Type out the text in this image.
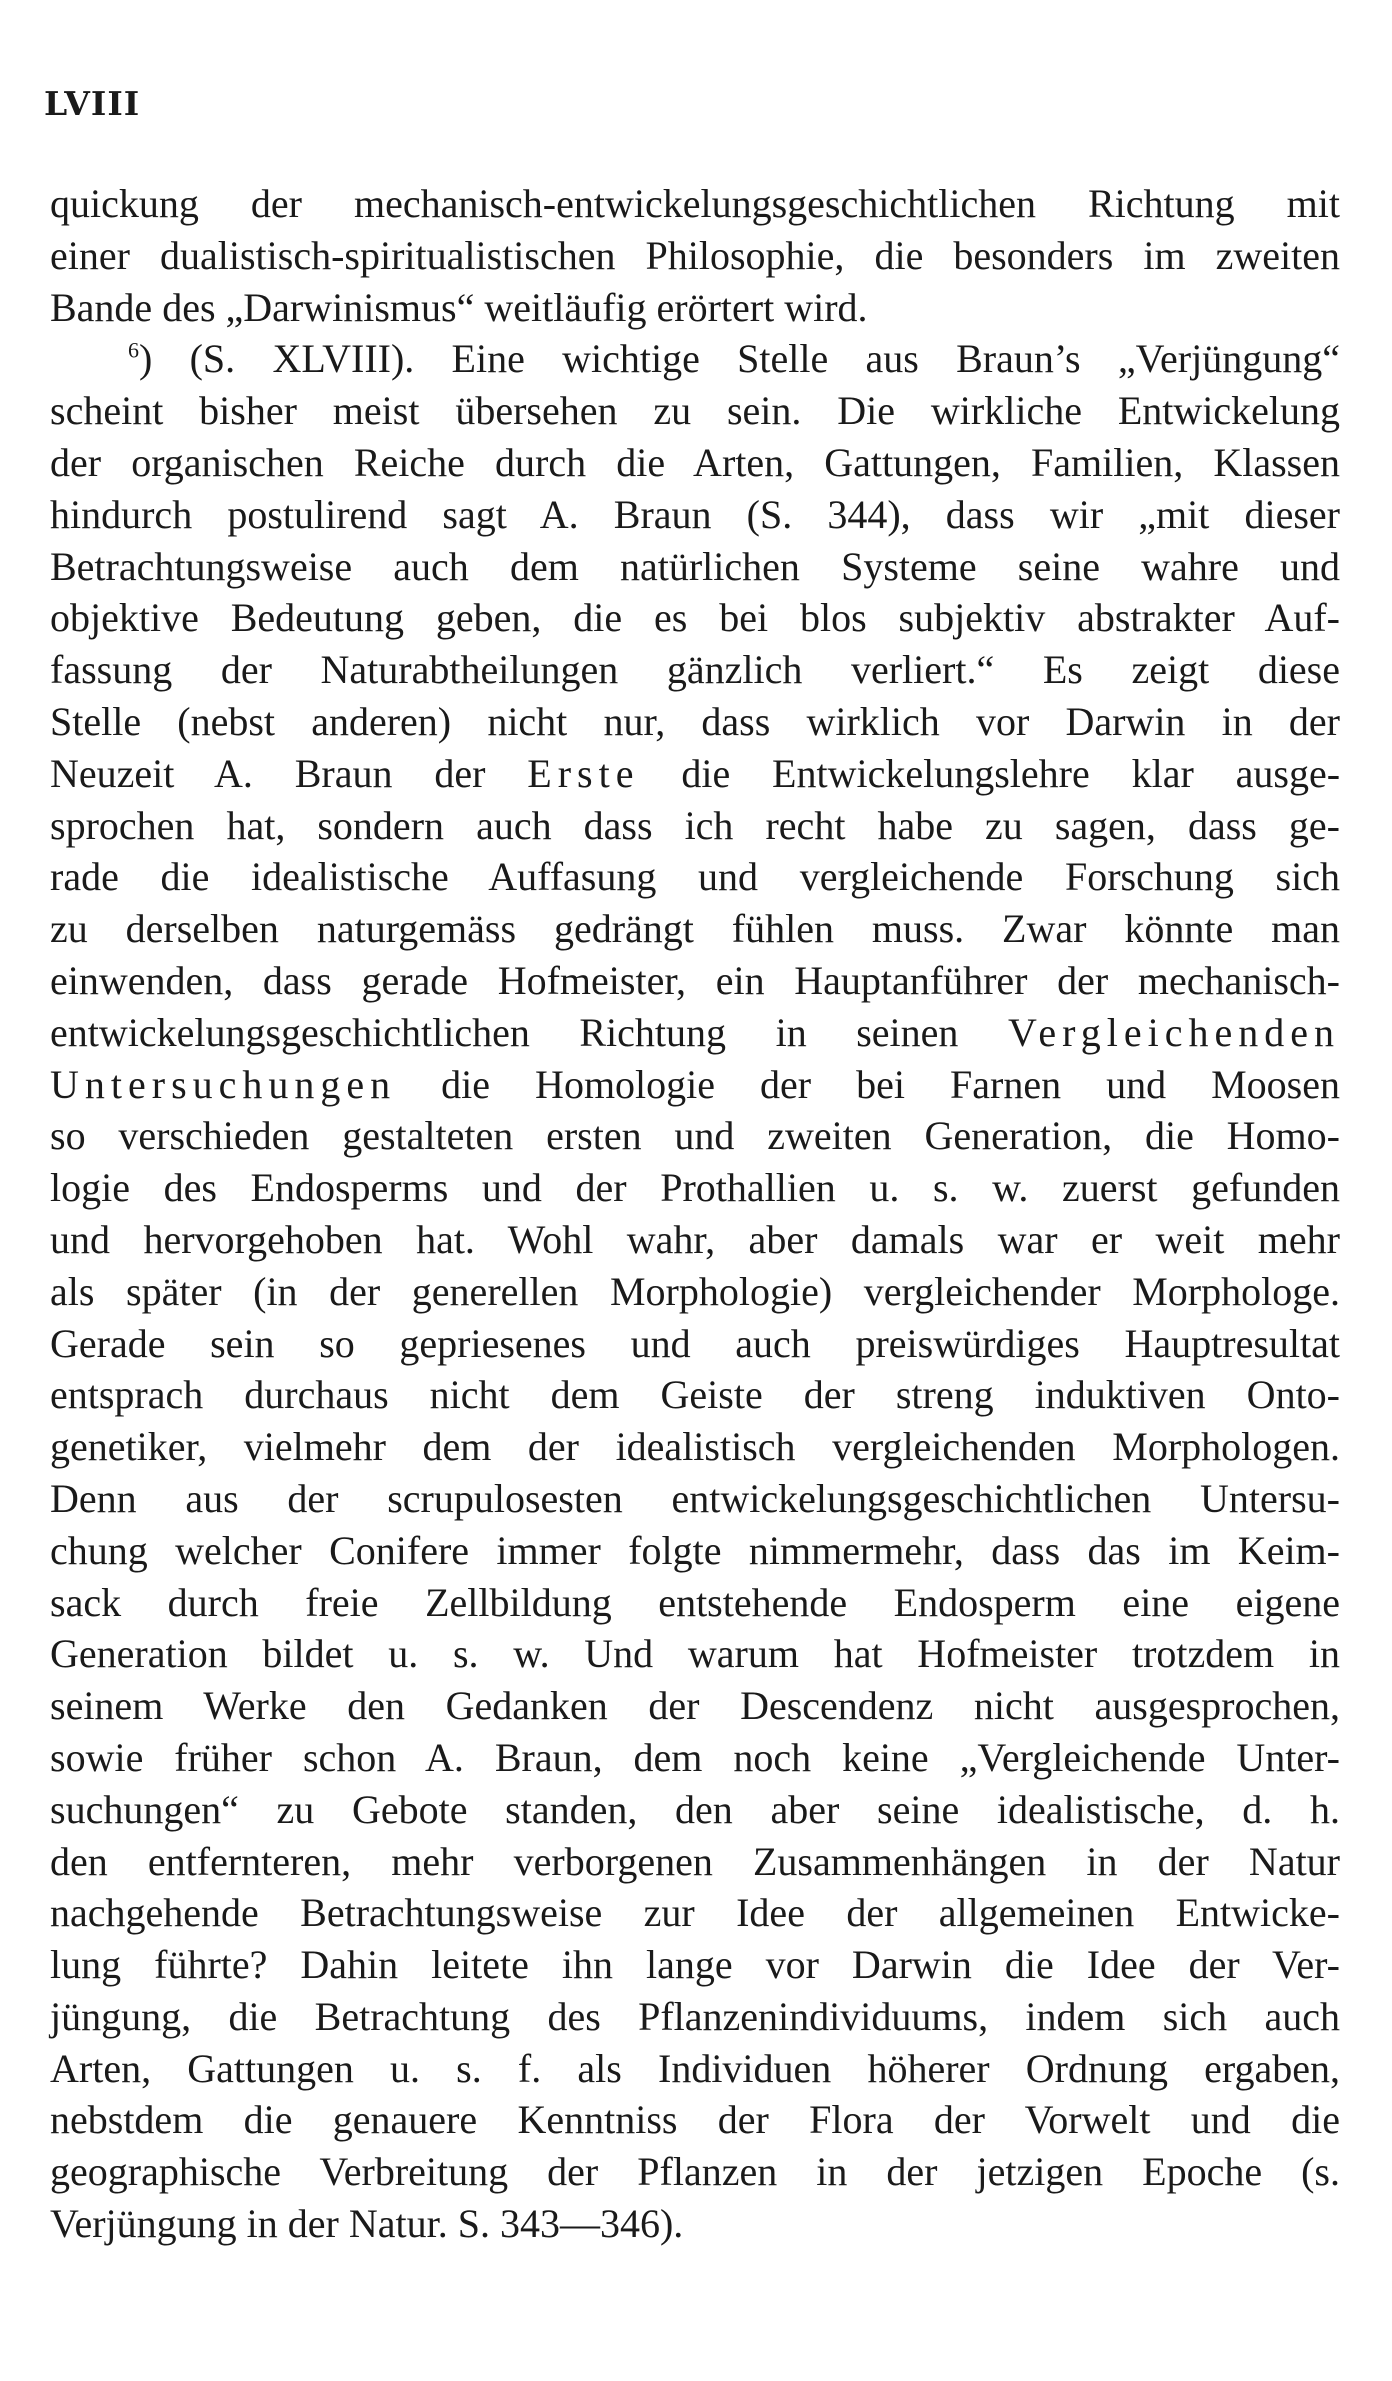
LVIII
quickung der mechanisch-entwickelungsgeschichtlichen Richtung mit
einer dualistisch-spiritualistischen Philosophie, die besonders im zweiten
Bande des „Darwinismus“ weitläufig erörtert wird.
$^6$) (S. XLVIII). Eine wichtige Stelle aus Braun’s „Verjüngung“
scheint bisher meist übersehen zu sein. Die wirkliche Entwickelung
der organischen Reiche durch die Arten, Gattungen, Familien, Klassen
hindurch postulirend sagt A. Braun (S. 344), dass wir „mit dieser
Betrachtungsweise auch dem natürlichen Systeme seine wahre und
objektive Bedeutung geben, die es bei blos subjektiv abstrakter Auf-
fassung der Naturabtheilungen gänzlich verliert.“ Es zeigt diese
Stelle (nebst anderen) nicht nur, dass wirklich vor Darwin in der
Neuzeit A. Braun der Erste die Entwickelungslehre klar ausge-
sprochen hat, sondern auch dass ich recht habe zu sagen, dass ge-
rade die idealistische Auffasung und vergleichende Forschung sich
zu derselben naturgemäss gedrängt fühlen muss. Zwar könnte man
einwenden, dass gerade Hofmeister, ein Hauptanführer der mechanisch-
entwickelungsgeschichtlichen Richtung in seinen Vergleichenden
Untersuchungen die Homologie der bei Farnen und Moosen
so verschieden gestalteten ersten und zweiten Generation, die Homo-
logie des Endosperms und der Prothallien u. s. w. zuerst gefunden
und hervorgehoben hat. Wohl wahr, aber damals war er weit mehr
als später (in der generellen Morphologie) vergleichender Morphologe.
Gerade sein so gepriesenes und auch preiswürdiges Hauptresultat
entsprach durchaus nicht dem Geiste der streng induktiven Onto-
genetiker, vielmehr dem der idealistisch vergleichenden Morphologen.
Denn aus der scrupulosesten entwickelungsgeschichtlichen Untersu-
chung welcher Conifere immer folgte nimmermehr, dass das im Keim-
sack durch freie Zellbildung entstehende Endosperm eine eigene
Generation bildet u. s. w. Und warum hat Hofmeister trotzdem in
seinem Werke den Gedanken der Descendenz nicht ausgesprochen,
sowie früher schon A. Braun, dem noch keine „Vergleichende Unter-
suchungen“ zu Gebote standen, den aber seine idealistische, d. h.
den entfernteren, mehr verborgenen Zusammenhängen in der Natur
nachgehende Betrachtungsweise zur Idee der allgemeinen Entwicke-
lung führte? Dahin leitete ihn lange vor Darwin die Idee der Ver-
jüngung, die Betrachtung des Pflanzenindividuums, indem sich auch
Arten, Gattungen u. s. f. als Individuen höherer Ordnung ergaben,
nebstdem die genauere Kenntniss der Flora der Vorwelt und die
geographische Verbreitung der Pflanzen in der jetzigen Epoche (s.
Verjüngung in der Natur. S. 343—346).
